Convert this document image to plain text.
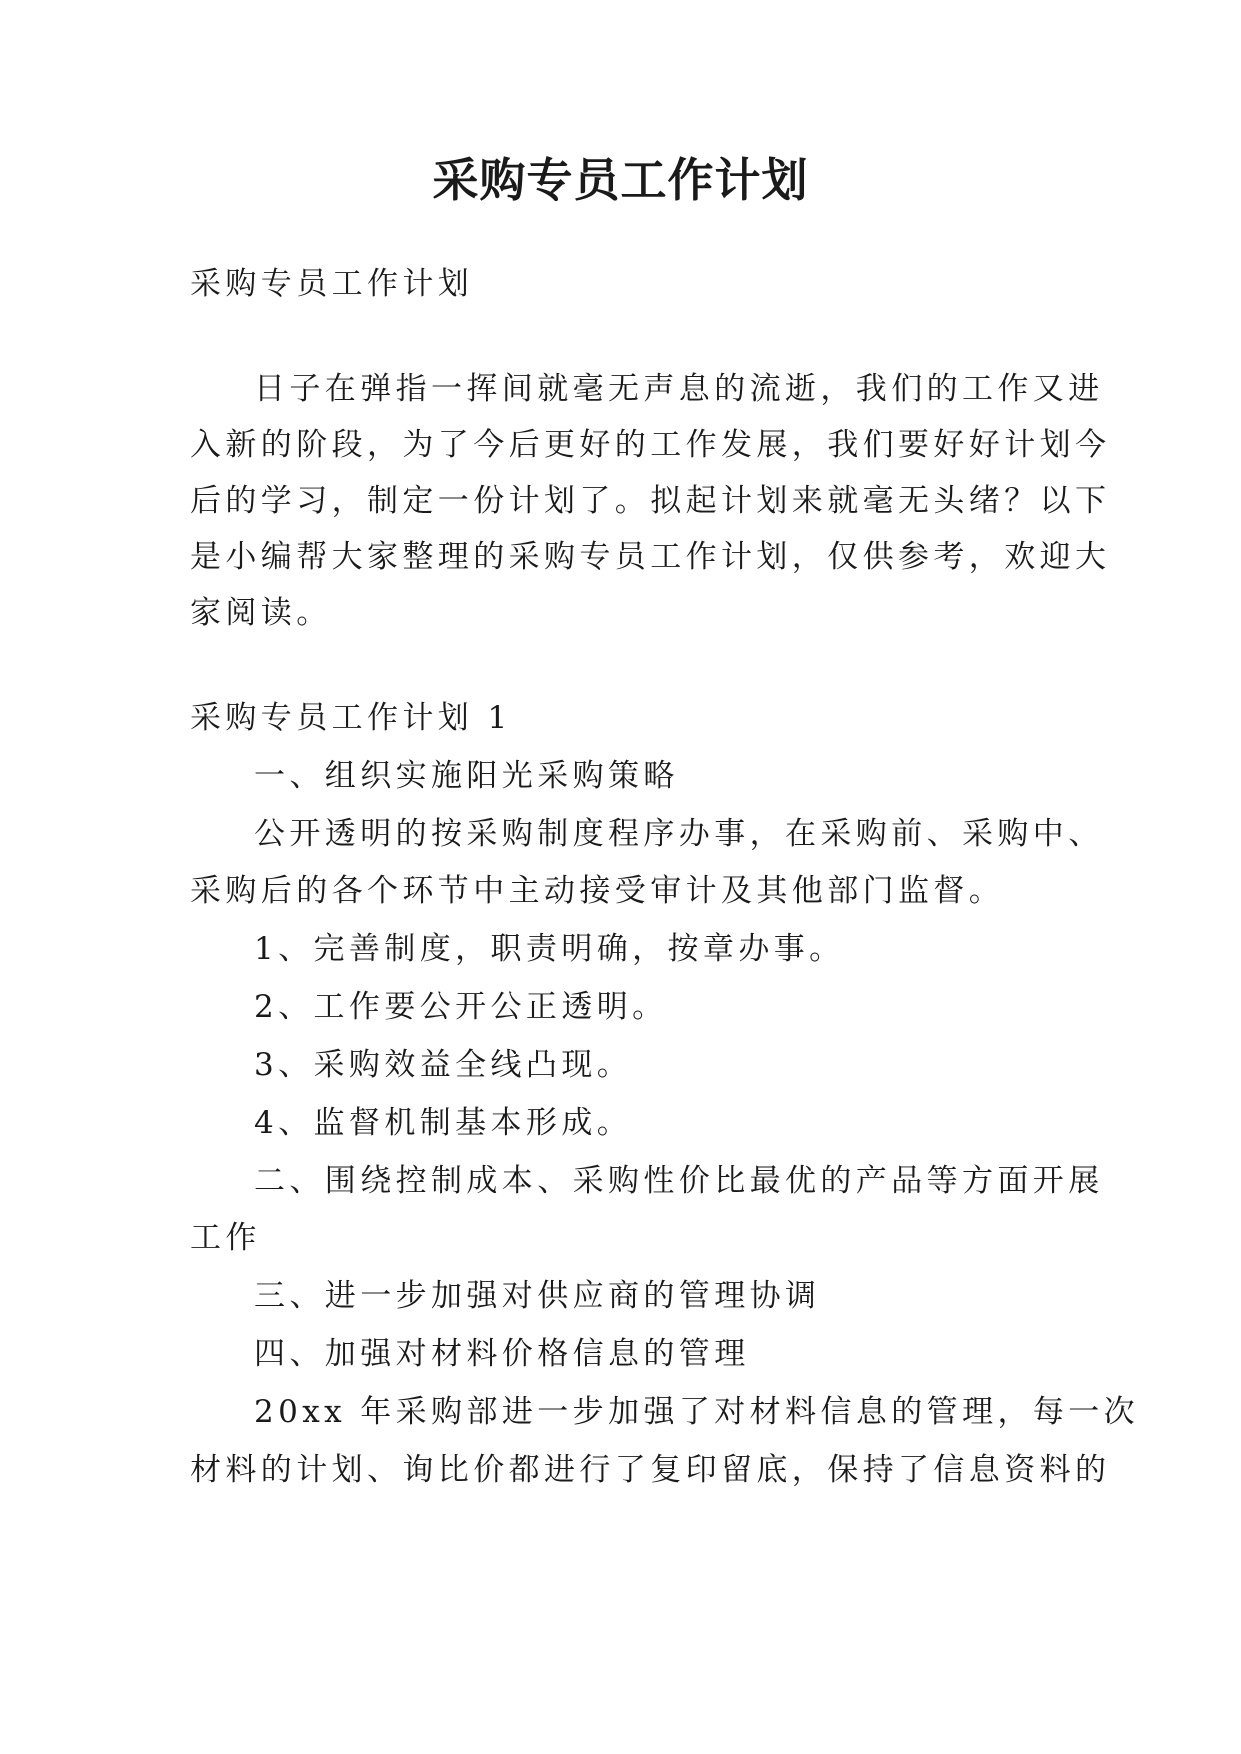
采购专员工作计划
采购专员工作计划
日子在弹指一挥间就毫无声息的流逝，我们的工作又进
入新的阶段，为了今后更好的工作发展，我们要好好计划今
后的学习，制定一份计划了。拟起计划来就毫无头绪？以下
是小编帮大家整理的采购专员工作计划，仅供参考，欢迎大
家阅读。
采购专员工作计划 1
一、组织实施阳光采购策略
公开透明的按采购制度程序办事，在采购前、采购中、
采购后的各个环节中主动接受审计及其他部门监督。
1、完善制度，职责明确，按章办事。
2、工作要公开公正透明。
3、采购效益全线凸现。
4、监督机制基本形成。
二、围绕控制成本、采购性价比最优的产品等方面开展
工作
三、进一步加强对供应商的管理协调
四、加强对材料价格信息的管理
20xx 年采购部进一步加强了对材料信息的管理，每一次
材料的计划、询比价都进行了复印留底，保持了信息资料的
